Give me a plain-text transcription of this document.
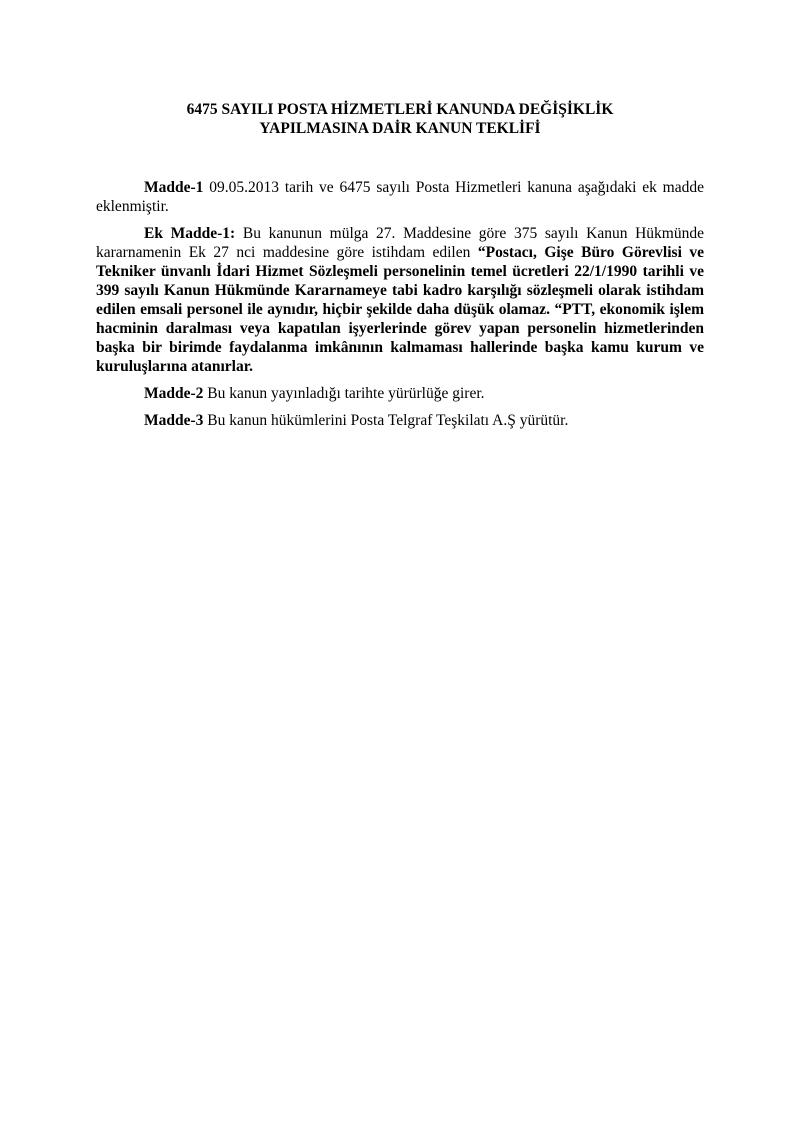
6475 SAYILI POSTA HİZMETLERİ KANUNDA DEĞİŞİKLİK
YAPILMASINA DAİR KANUN TEKLİFİ

Madde-1 09.05.2013 tarih ve 6475 sayılı Posta Hizmetleri kanuna aşağıdaki ek madde eklenmiştir.

Ek Madde-1: Bu kanunun mülga 27. Maddesine göre 375 sayılı Kanun Hükmünde kararnamenin Ek 27 nci maddesine göre istihdam edilen “Postacı, Gişe Büro Görevlisi ve Tekniker ünvanlı İdari Hizmet Sözleşmeli personelinin temel ücretleri 22/1/1990 tarihli ve 399 sayılı Kanun Hükmünde Kararnameye tabi kadro karşılığı sözleşmeli olarak istihdam edilen emsali personel ile aynıdır, hiçbir şekilde daha düşük olamaz. “PTT, ekonomik işlem hacminin daralması veya kapatılan işyerlerinde görev yapan personelin hizmetlerinden başka bir birimde faydalanma imkânının kalmaması hallerinde başka kamu kurum ve kuruluşlarına atanırlar.

Madde-2 Bu kanun yayınladığı tarihte yürürlüğe girer.

Madde-3 Bu kanun hükümlerini Posta Telgraf Teşkilatı A.Ş yürütür.
